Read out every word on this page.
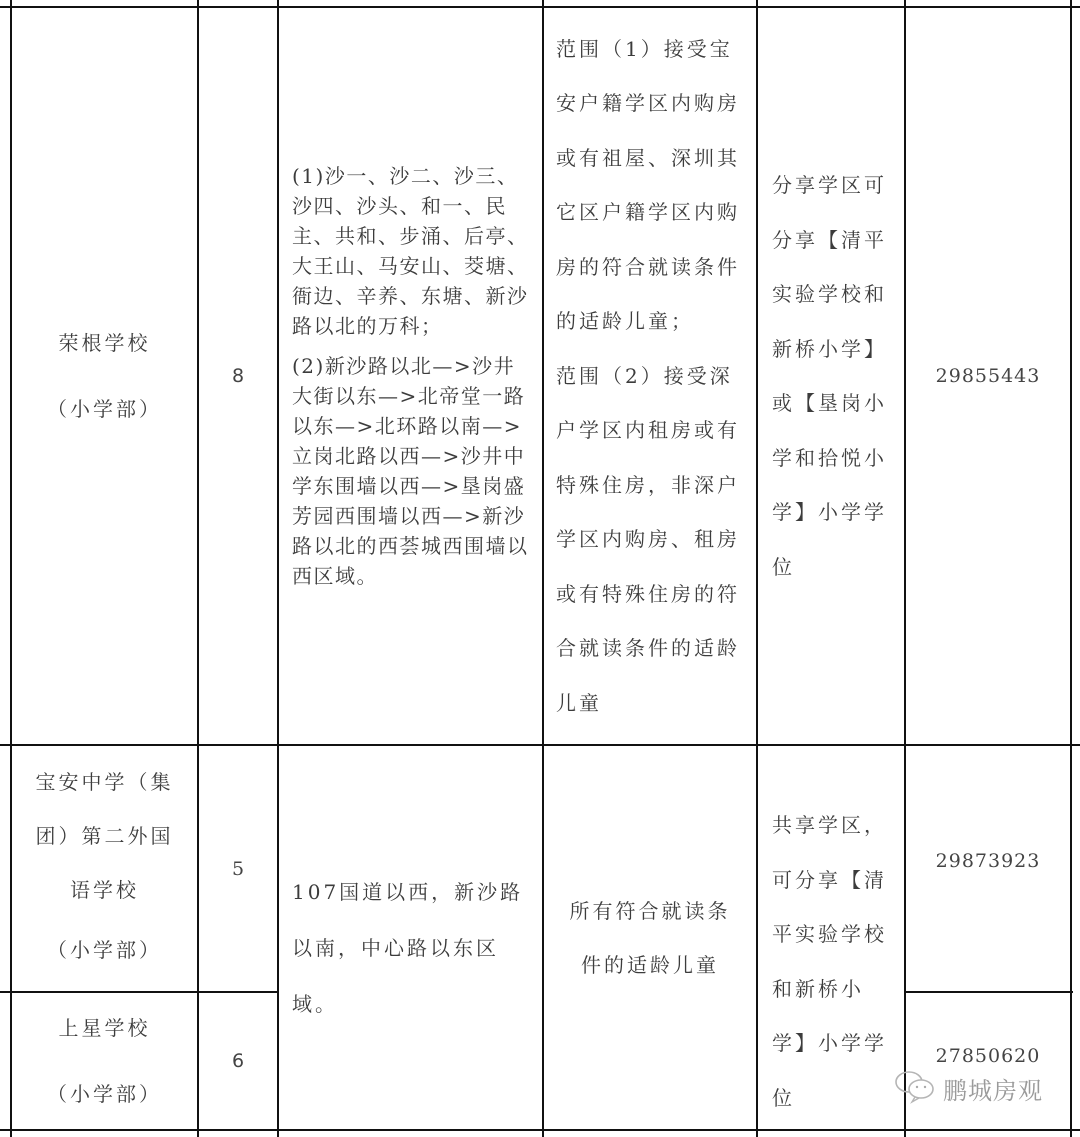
荣根学校
（小学部）
8

(1)沙一、沙二、沙三、沙四、沙头、和一、民主、共和、步涌、后亭、大王山、马安山、茭塘、衙边、辛养、东塘、新沙路以北的万科；

(2)新沙路以北—>沙井大街以东—>北帝堂一路以东—>北环路以南—>立岗北路以西—>沙井中学东围墙以西—>垦岗盛芳园西围墙以西—>新沙路以北的西荟城西围墙以西区域。

范围（1）接受宝安户籍学区内购房或有祖屋、深圳其它区户籍学区内购房的符合就读条件的适龄儿童；

范围（2）接受深户学区内租房或有特殊住房，非深户学区内购房、租房或有特殊住房的符合就读条件的适龄儿童

分享学区可分享【清平实验学校和新桥小学】或【垦岗小学和拾悦小学】小学学位

29855443
宝安中学（集团）第二外国语学校
（小学部）
5
上星学校
（小学部）
6

107国道以西，新沙路以南，中心路以东区域。

所有符合就读条件的适龄儿童

共享学区，可分享【清平实验学校和新桥小学】小学学位

29873923
27850620
鹏城房观
